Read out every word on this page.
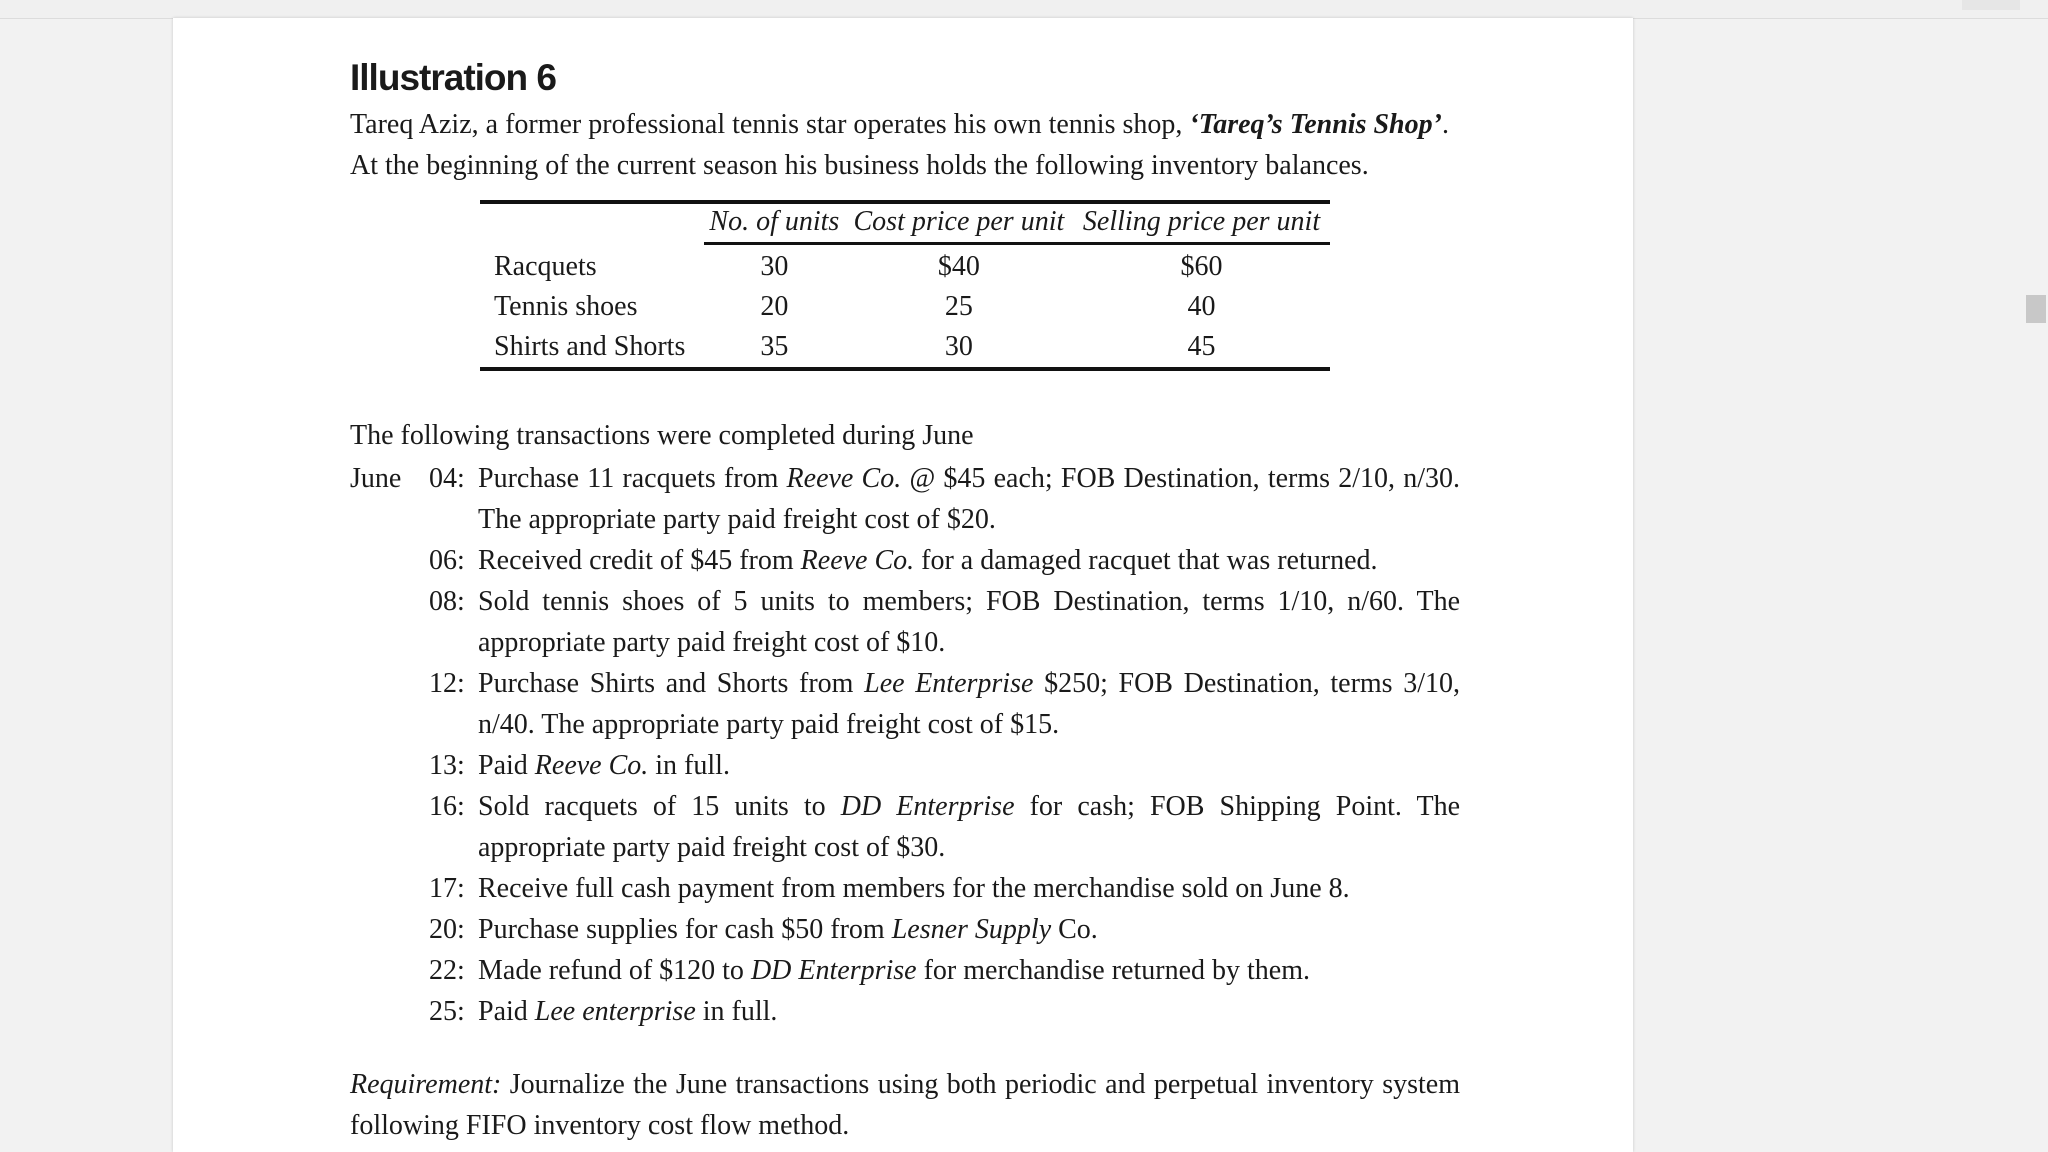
Illustration 6

Tareq Aziz, a former professional tennis star operates his own tennis shop, ‘Tareq’s Tennis Shop’. At the beginning of the current season his business holds the following inventory balances.

	No. of units	Cost price per unit	Selling price per unit
Racquets	30	$40	$60
Tennis shoes	20	25	40
Shirts and Shorts	35	30	45

The following transactions were completed during June

June 04: Purchase 11 racquets from Reeve Co. @ $45 each; FOB Destination, terms 2/10, n/30. The appropriate party paid freight cost of $20.
06: Received credit of $45 from Reeve Co. for a damaged racquet that was returned.
08: Sold tennis shoes of 5 units to members; FOB Destination, terms 1/10, n/60. The appropriate party paid freight cost of $10.
12: Purchase Shirts and Shorts from Lee Enterprise $250; FOB Destination, terms 3/10, n/40. The appropriate party paid freight cost of $15.
13: Paid Reeve Co. in full.
16: Sold racquets of 15 units to DD Enterprise for cash; FOB Shipping Point. The appropriate party paid freight cost of $30.
17: Receive full cash payment from members for the merchandise sold on June 8.
20: Purchase supplies for cash $50 from Lesner Supply Co.
22: Made refund of $120 to DD Enterprise for merchandise returned by them.
25: Paid Lee enterprise in full.

Requirement: Journalize the June transactions using both periodic and perpetual inventory system following FIFO inventory cost flow method.
